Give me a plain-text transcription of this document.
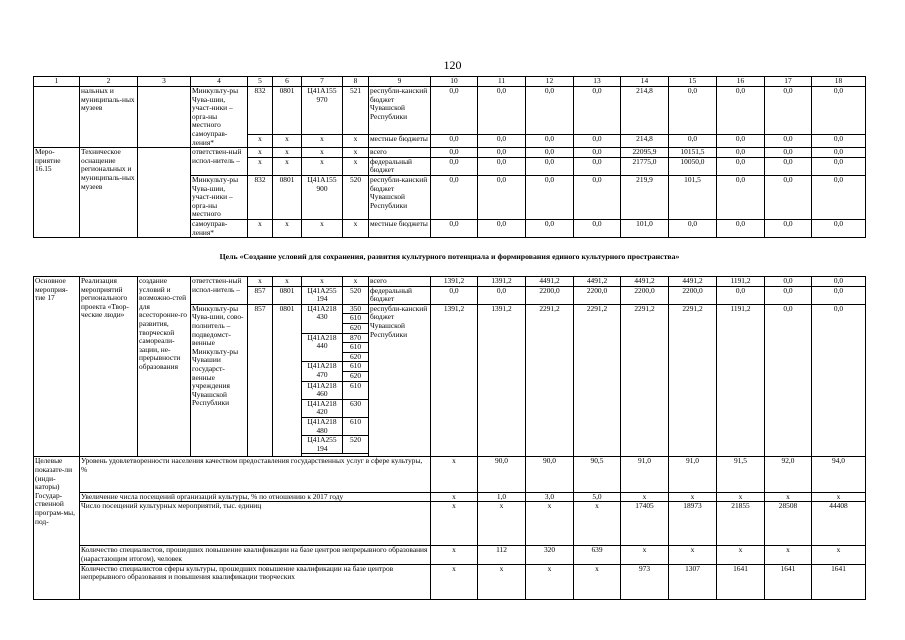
120
1	2	3	4	5	6	7	8	9	10	11	12	13	14	15	16	17	18	
	нальных и муниципаль-ных музеев		Минкульту-ры Чува-шии, участ-ники – орга-ны местного самоуправ-ления*	832	0801	Ц41А155 970	521	республи-канский бюджет Чувашской Республики	0,0	0,0	0,0	0,0	214,8	0,0	0,0	0,0	0,0	
				x	x	x	x	местные бюджеты	0,0	0,0	0,0	0,0	214,8	0,0	0,0	0,0	0,0	
Меро-приятие 16.15	Техническое оснащение региональных и муниципаль-ных музеев		ответствен-ный испол-нитель –	x	x	x	x	всего	0,0	0,0	0,0	0,0	22095,9	10151,5	0,0	0,0	0,0	
				x	x	x	x	федеральный бюджет	0,0	0,0	0,0	0,0	21775,0	10050,0	0,0	0,0	0,0	
			Минкульту-ры Чува-шии, участ-ники – орга-ны местного	832	0801	Ц41А155 900	520	республи-канский бюджет Чувашской Республики	0,0	0,0	0,0	0,0	219,9	101,5	0,0	0,0	0,0	
			самоуправ-ления*	x	x	x	x	местные бюджеты	0,0	0,0	0,0	0,0	101,0	0,0	0,0	0,0	0,0	
Цель «Создание условий для сохранения, развития культурного потенциала и формирования единого культурного пространства»																		
Основное мероприя-тие 17	Реализация мероприятий регионального проекта «Твор-ческие люди»	создание условий и возможно-стей для всесторонне-го развития, творческой самореали-зации, не-прерывности образования	ответствен-ный испол-нитель –	x	x	x	x	всего	1391,2	1391,2	4491,2	4491,2	4491,2	4491,2	1191,2	0,0	0,0	
				857	0801	Ц41А255 194	520	федеральный бюджет	0,0	0,0	2200,0	2200,0	2200,0	2200,0	0,0	0,0	0,0	
			Минкульту-ры Чува-шии, сово-полнитель – подведомст-венные Минкульту-ры Чувашии государст-венные учреждения Чувашской Республики	857	0801	Ц41А218 430	350	республи-канский бюджет Чувашской Республики	1391,2	1391,2	2291,2	2291,2	2291,2	2291,2	1191,2	0,0	0,0	
							610											
							620											
						Ц41А218 440	870											
							610											
							620											
						Ц41А218 470	610											
							620											
						Ц41А218 460	610											
						Ц41А218 420	630											
						Ц41А218 480	610											
						Ц41А255 194	520											

Целевые показате-ли (инди-каторы) Государ-ственной програм-мы, под-	Уровень удовлетворенности населения качеством предоставления государственных услуг в сфере культуры, %								x	90,0	90,0	90,5	91,0	91,0	91,5	92,0	94,0	
	Увеличение числа посещений организаций культуры, % по отношению к 2017 году								x	1,0	3,0	5,0	x	x	x	x	x	
	Число посещений культурных мероприятий, тыс. единиц								x	x	x	x	17405	18973	21855	28508	44408	
	Количество специалистов, прошедших повышение квалификации на базе центров непрерывного образования (нарастающим итогом), человек								x	112	320	639	x	x	x	x	x	
	Количество специалистов сферы культуры, прошедших повышение квалификации на базе центров непрерывного образования и повышения квалификации творческих								x	x	x	x	973	1307	1641	1641	1641	
